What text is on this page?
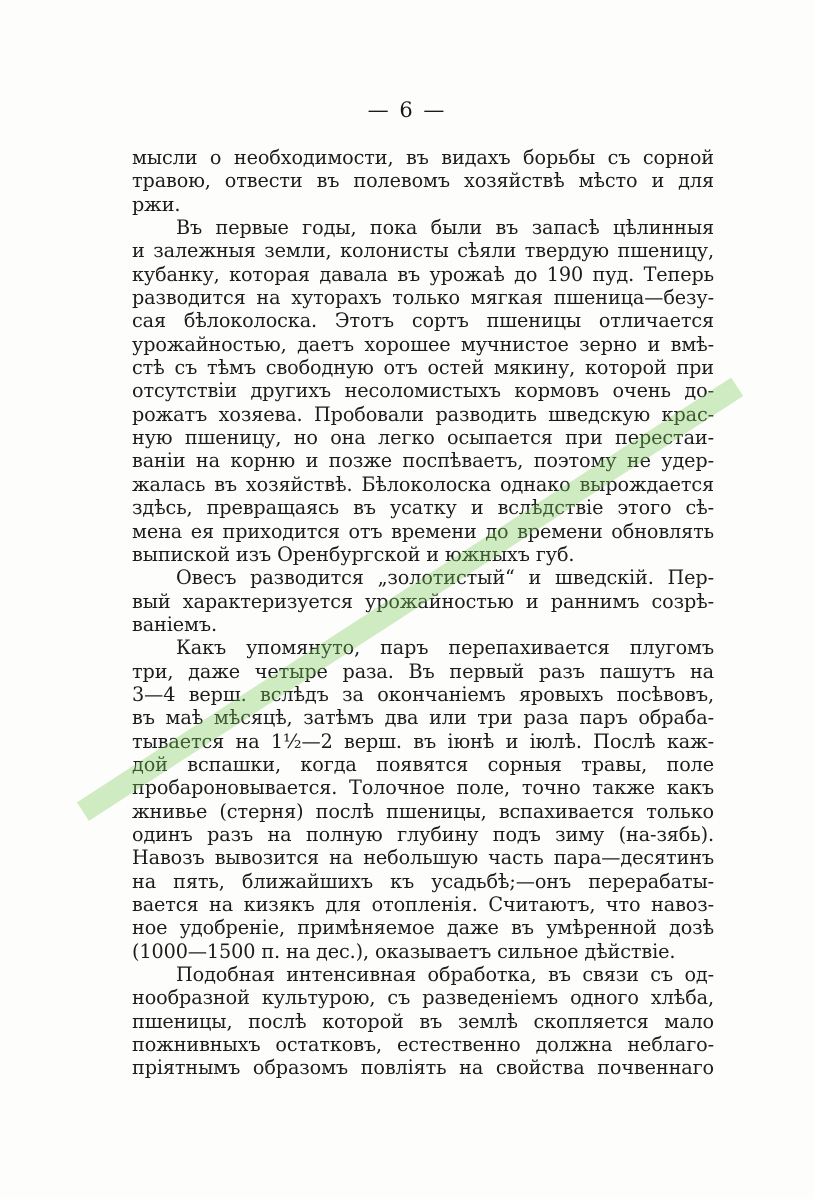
— 6 —
мысли о необходимости, въ видахъ борьбы съ сорной
травою, отвести въ полевомъ хозяйствѣ мѣсто и для
ржи.
Въ первые годы, пока были въ запасѣ цѣлинныя
и залежныя земли, колонисты сѣяли твердую пшеницу,
кубанку, которая давала въ урожаѣ до 190 пуд. Теперь
разводится на хуторахъ только мягкая пшеница—безу-
сая бѣлоколоска. Этотъ сортъ пшеницы отличается
урожайностью, даетъ хорошее мучнистое зерно и вмѣ-
стѣ съ тѣмъ свободную отъ остей мякину, которой при
отсутствіи другихъ несоломистыхъ кормовъ очень до-
рожатъ хозяева. Пробовали разводить шведскую крас-
ную пшеницу, но она легко осыпается при перестаи-
ваніи на корню и позже поспѣваетъ, поэтому не удер-
жалась въ хозяйствѣ. Бѣлоколоска однако вырождается
здѣсь, превращаясь въ усатку и вслѣдствіе этого сѣ-
мена ея приходится отъ времени до времени обновлять
выпиской изъ Оренбургской и южныхъ губ.
Овесъ разводится „золотистый“ и шведскій. Пер-
вый характеризуется урожайностью и раннимъ созрѣ-
ваніемъ.
Какъ упомянуто, паръ перепахивается плугомъ
три, даже четыре раза. Въ первый разъ пашутъ на
3—4 верш. вслѣдъ за окончаніемъ яровыхъ посѣвовъ,
въ маѣ мѣсяцѣ, затѣмъ два или три раза паръ обраба-
тывается на 1½—2 верш. въ іюнѣ и іюлѣ. Послѣ каж-
дой вспашки, когда появятся сорныя травы, поле
пробароновывается. Толочное поле, точно также какъ
жнивье (стерня) послѣ пшеницы, вспахивается только
одинъ разъ на полную глубину подъ зиму (на-зябь).
Навозъ вывозится на небольшую часть пара—десятинъ
на пять, ближайшихъ къ усадьбѣ;—онъ перерабаты-
вается на кизякъ для отопленія. Считаютъ, что навоз-
ное удобреніе, примѣняемое даже въ умѣренной дозѣ
(1000—1500 п. на дес.), оказываетъ сильное дѣйствіе.
Подобная интенсивная обработка, въ связи съ од-
нообразной культурою, съ разведеніемъ одного хлѣба,
пшеницы, послѣ которой въ землѣ скопляется мало
пожнивныхъ остатковъ, естественно должна неблаго-
пріятнымъ образомъ повліять на свойства почвеннаго
